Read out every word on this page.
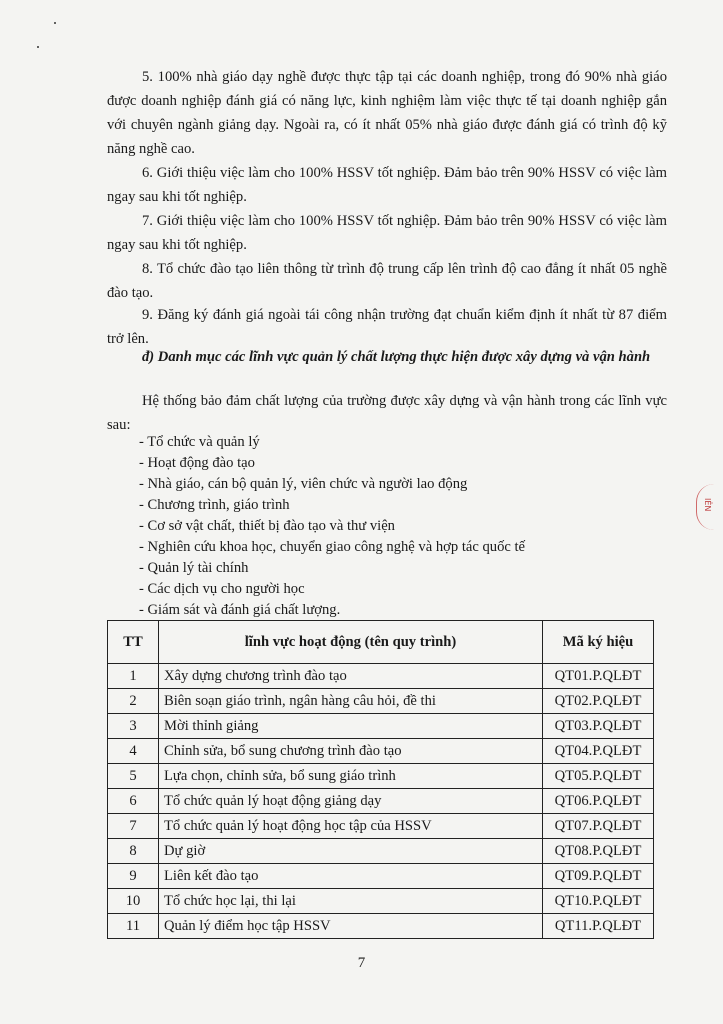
5. 100% nhà giáo dạy nghề được thực tập tại các doanh nghiệp, trong đó 90% nhà giáo được doanh nghiệp đánh giá có năng lực, kinh nghiệm làm việc thực tế tại doanh nghiệp gắn với chuyên ngành giảng dạy. Ngoài ra, có ít nhất 05% nhà giáo được đánh giá có trình độ kỹ năng nghề cao.

6. Giới thiệu việc làm cho 100% HSSV tốt nghiệp. Đảm bảo trên 90% HSSV có việc làm ngay sau khi tốt nghiệp.

7. Giới thiệu việc làm cho 100% HSSV tốt nghiệp. Đảm bảo trên 90% HSSV có việc làm ngay sau khi tốt nghiệp.

8. Tổ chức đào tạo liên thông từ trình độ trung cấp lên trình độ cao đẳng ít nhất 05 nghề đào tạo.

9. Đăng ký đánh giá ngoài tái công nhận trường đạt chuẩn kiểm định ít nhất từ 87 điểm trở lên.

đ) Danh mục các lĩnh vực quản lý chất lượng thực hiện được xây dựng và vận hành

Hệ thống bảo đảm chất lượng của trường được xây dựng và vận hành trong các lĩnh vực sau:

- Tổ chức và quản lý
- Hoạt động đào tạo
- Nhà giáo, cán bộ quản lý, viên chức và người lao động
- Chương trình, giáo trình
- Cơ sở vật chất, thiết bị đào tạo và thư viện
- Nghiên cứu khoa học, chuyển giao công nghệ và hợp tác quốc tế
- Quản lý tài chính
- Các dịch vụ cho người học
- Giám sát và đánh giá chất lượng.
TT	lĩnh vực hoạt động (tên quy trình)	Mã ký hiệu
1	Xây dựng chương trình đào tạo	QT01.P.QLĐT
2	Biên soạn giáo trình, ngân hàng câu hỏi, đề thi	QT02.P.QLĐT
3	Mời thỉnh giảng	QT03.P.QLĐT
4	Chỉnh sửa, bổ sung chương trình đào tạo	QT04.P.QLĐT
5	Lựa chọn, chỉnh sửa, bổ sung giáo trình	QT05.P.QLĐT
6	Tổ chức quản lý hoạt động giảng dạy	QT06.P.QLĐT
7	Tổ chức quản lý hoạt động học tập của HSSV	QT07.P.QLĐT
8	Dự giờ	QT08.P.QLĐT
9	Liên kết đào tạo	QT09.P.QLĐT
10	Tổ chức học lại, thi lại	QT10.P.QLĐT
11	Quản lý điểm học tập HSSV	QT11.P.QLĐT
IÊN
7
